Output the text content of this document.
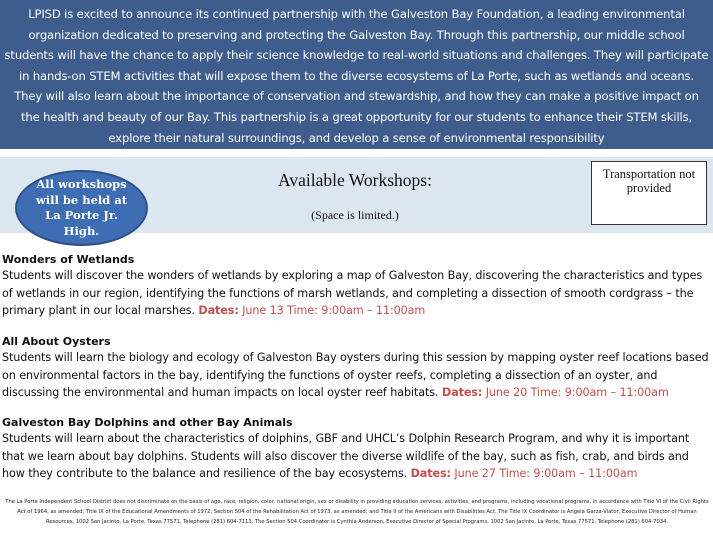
LPISD is excited to announce its continued partnership with the Galveston Bay Foundation, a leading environmental organization dedicated to preserving and protecting the Galveston Bay. Through this partnership, our middle school students will have the chance to apply their science knowledge to real-world situations and challenges. They will participate in hands-on STEM activities that will expose them to the diverse ecosystems of La Porte, such as wetlands and oceans. They will also learn about the importance of conservation and stewardship, and how they can make a positive impact on the health and beauty of our Bay. This partnership is a great opportunity for our students to enhance their STEM skills, explore their natural surroundings, and develop a sense of environmental responsibility

All workshops will be held at La Porte Jr. High.
Available Workshops:
(Space is limited.)
Transportation not provided
Wonders of Wetlands

Students will discover the wonders of wetlands by exploring a map of Galveston Bay, discovering the characteristics and types of wetlands in our region, identifying the functions of marsh wetlands, and completing a dissection of smooth cordgrass – the primary plant in our local marshes. Dates: June 13 Time: 9:00am – 11:00am

All About Oysters

Students will learn the biology and ecology of Galveston Bay oysters during this session by mapping oyster reef locations based on environmental factors in the bay, identifying the functions of oyster reefs, completing a dissection of an oyster, and discussing the environmental and human impacts on local oyster reef habitats. Dates: June 20 Time: 9:00am – 11:00am

Galveston Bay Dolphins and other Bay Animals

Students will learn about the characteristics of dolphins, GBF and UHCL’s Dolphin Research Program, and why it is important that we learn about bay dolphins. Students will also discover the diverse wildlife of the bay, such as fish, crab, and birds and how they contribute to the balance and resilience of the bay ecosystems. Dates: June 27 Time: 9:00am – 11:00am

The La Porte Independent School District does not discriminate on the basis of age, race, religion, color, national origin, sex or disability in providing education services, activities, and programs, including vocational programs, in accordance with Title VI of the Civil Rights Act of 1964, as amended; Title IX of the Educational Amendments of 1972; Section 504 of the Rehabilitation Act of 1973, as amended; and Title II of the Americans with Disabilities Act. The Title IX Coordinator is Angela Garza-Viator, Executive Director of Human Resources, 1002 San Jacinto, La Porte, Texas 77571, Telephone (281) 604-7113. The Section 504 Coordinator is Cynthia Anderson, Executive Director of Special Programs, 1002 San Jacinto, La Porte, Texas 77571, Telephone (281) 604-7034.
